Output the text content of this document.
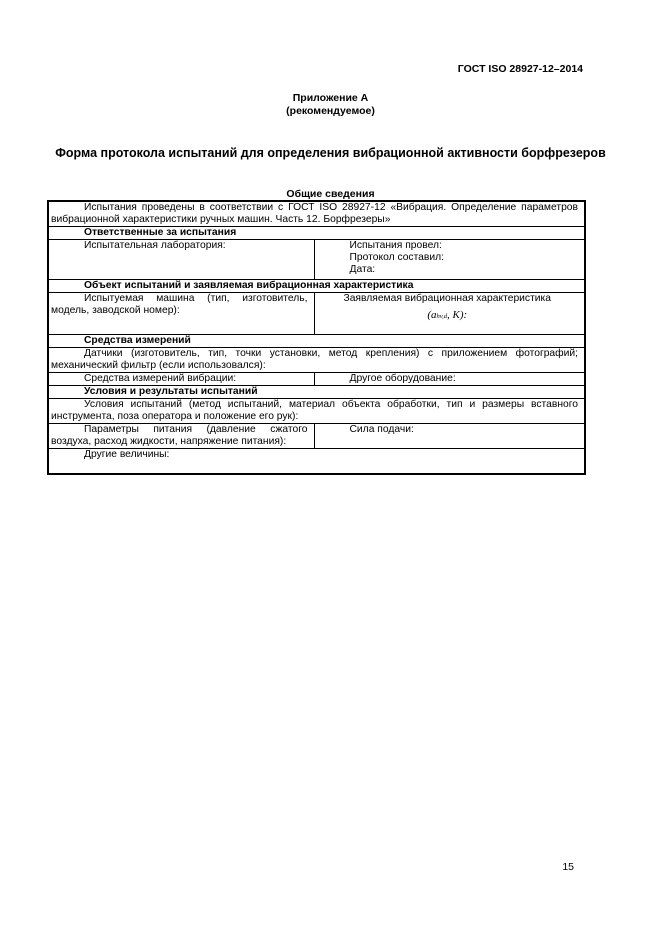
ГОСТ ISO 28927-12–2014
Приложение А
(рекомендуемое)
Форма протокола испытаний для определения вибрационной активности борфрезеров
Общие сведения
Испытания проведены в соответствии с ГОСТ ISO 28927-12 «Вибрация. Определение параметров вибрационной характеристики ручных машин. Часть 12. Борфрезеры»	
Ответственные за испытания	
Испытательная лаборатория:	Испытания провел:
Протокол составил:
Дата:

Объект испытаний и заявляемая вибрационная характеристика	
Испытуемая машина (тип, изготовитель, модель, заводской номер):	Заявляемая вибрационная характеристика
(ahv,d, K):

Средства измерений	
Датчики (изготовитель, тип, точки установки, метод крепления) с приложением фотографий; механический фильтр (если использовался):	
Средства измерений вибрации:	Другое оборудование:
Условия и результаты испытаний	
Условия испытаний (метод испытаний, материал объекта обработки, тип и размеры вставного инструмента, поза оператора и положение его рук):	
Параметры питания (давление сжатого воздуха, расход жидкости, напряжение питания):	Сила подачи:
Другие величины:	
15
